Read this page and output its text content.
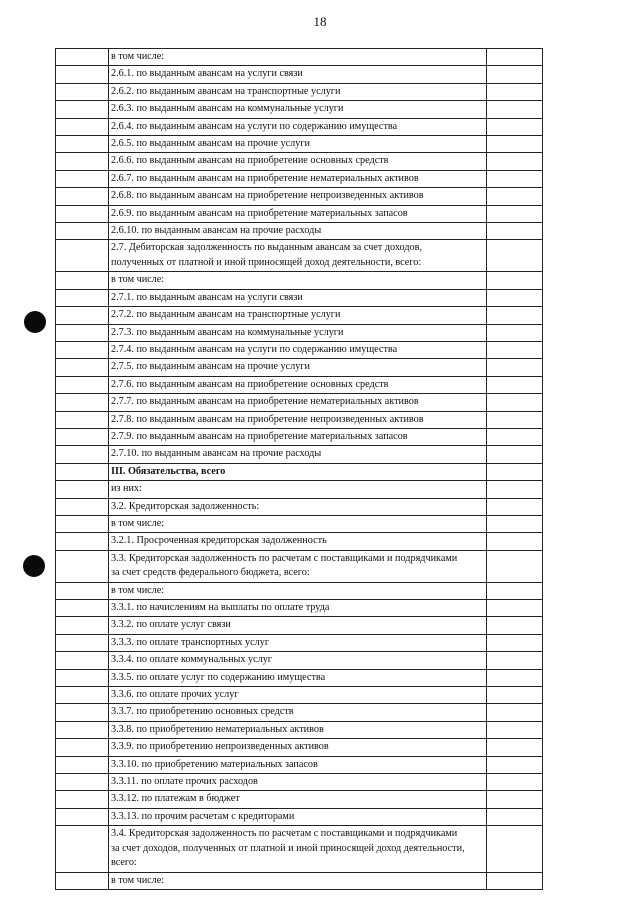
18
	в том числе:	
	2.6.1. по выданным авансам на услуги связи	
	2.6.2. по выданным авансам на транспортные услуги	
	2.6.3. по выданным авансам на коммунальные услуги	
	2.6.4. по выданным авансам на услуги по содержанию имущества	
	2.6.5. по выданным авансам на прочие услуги	
	2.6.6. по выданным авансам на приобретение основных средств	
	2.6.7. по выданным авансам на приобретение нематериальных активов	
	2.6.8. по выданным авансам на приобретение непроизведенных активов	
	2.6.9. по выданным авансам на приобретение материальных запасов	
	2.6.10. по выданным авансам на прочие расходы	
	2.7. Дебиторская задолженность по выданным авансам за счет доходов,
полученных от платной и иной приносящей доход деятельности, всего:	
	в том числе:	
	2.7.1. по выданным авансам на услуги связи	
	2.7.2. по выданным авансам на транспортные услуги	
	2.7.3. по выданным авансам на коммунальные услуги	
	2.7.4. по выданным авансам на услуги по содержанию имущества	
	2.7.5. по выданным авансам на прочие услуги	
	2.7.6. по выданным авансам на приобретение основных средств	
	2.7.7. по выданным авансам на приобретение нематериальных активов	
	2.7.8. по выданным авансам на приобретение непроизведенных активов	
	2.7.9. по выданным авансам на приобретение материальных запасов	
	2.7.10. по выданным авансам на прочие расходы	
	III. Обязательства, всего	
	из них:	
	3.2. Кредиторская задолженность:	
	в том числе:	
	3.2.1. Просроченная кредиторская задолженность	
	3.3. Кредиторская задолженность по расчетам с поставщиками и подрядчиками
за счет средств федерального бюджета, всего:	
	в том числе:	
	3.3.1. по начислениям на выплаты по оплате труда	
	3.3.2. по оплате услуг связи	
	3.3.3. по оплате транспортных услуг	
	3.3.4. по оплате коммунальных услуг	
	3.3.5. по оплате услуг по содержанию имущества	
	3.3.6. по оплате прочих услуг	
	3.3.7. по приобретению основных средств	
	3.3.8. по приобретению нематериальных активов	
	3.3.9. по приобретению непроизведенных активов	
	3.3.10. по приобретению материальных запасов	
	3.3.11. по оплате прочих расходов	
	3.3.12. по платежам в бюджет	
	3.3.13. по прочим расчетам с кредиторами	
	3.4. Кредиторская задолженность по расчетам с поставщиками и подрядчиками
за счет доходов, полученных от платной и иной приносящей доход деятельности,
всего:	
	в том числе:	
